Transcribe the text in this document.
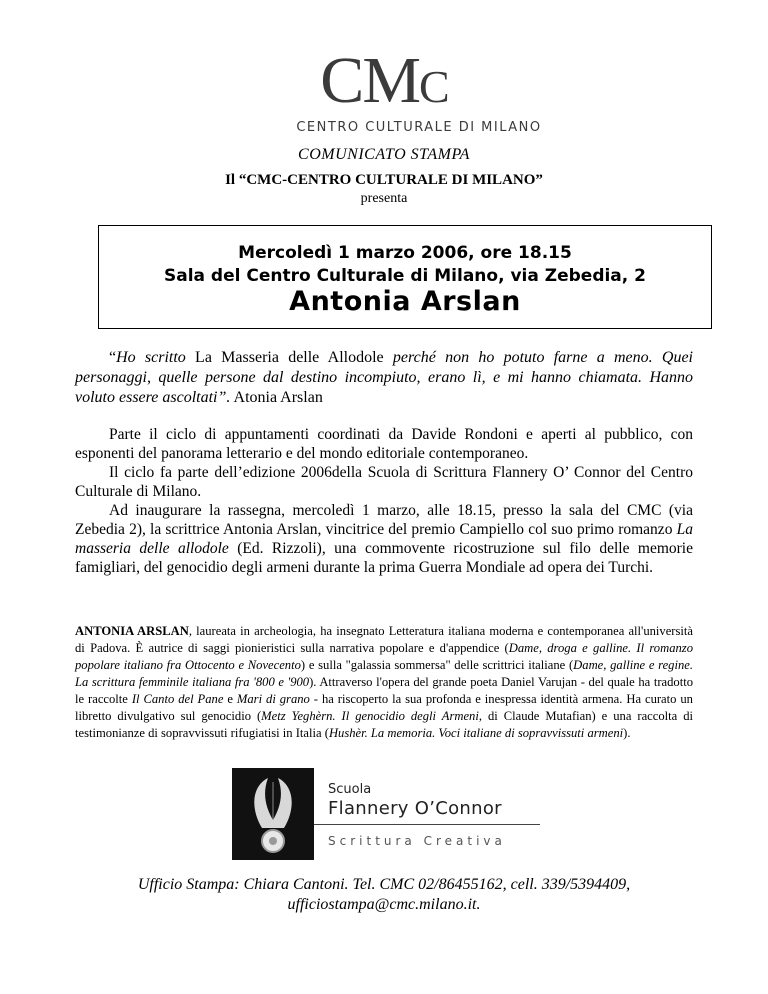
CMC
CENTRO CULTURALE DI MILANO
COMUNICATO STAMPA
Il “CMC-CENTRO CULTURALE DI MILANO”
presenta
Mercoledì 1 marzo 2006, ore 18.15
Sala del Centro Culturale di Milano, via Zebedia, 2
Antonia Arslan
“Ho scritto La Masseria delle Allodole perché non ho potuto farne a meno. Quei personaggi, quelle persone dal destino incompiuto, erano lì, e mi hanno chiamata. Hanno voluto essere ascoltati”. Atonia Arslan

Parte il ciclo di appuntamenti coordinati da Davide Rondoni e aperti al pubblico, con esponenti del panorama letterario e del mondo editoriale contemporaneo.

Il ciclo fa parte dell’edizione 2006della Scuola di Scrittura Flannery O’ Connor del Centro Culturale di Milano.

Ad inaugurare la rassegna, mercoledì 1 marzo, alle 18.15, presso la sala del CMC (via Zebedia 2), la scrittrice Antonia Arslan, vincitrice del premio Campiello col suo primo romanzo La masseria delle allodole (Ed. Rizzoli), una commovente ricostruzione sul filo delle memorie famigliari, del genocidio degli armeni durante la prima Guerra Mondiale ad opera dei Turchi.

ANTONIA ARSLAN, laureata in archeologia, ha insegnato Letteratura italiana moderna e contemporanea all'università di Padova. È autrice di saggi pionieristici sulla narrativa popolare e d'appendice (Dame, droga e galline. Il romanzo popolare italiano fra Ottocento e Novecento) e sulla "galassia sommersa" delle scrittrici italiane (Dame, galline e regine. La scrittura femminile italiana fra '800 e '900). Attraverso l'opera del grande poeta Daniel Varujan - del quale ha tradotto le raccolte Il Canto del Pane e Mari di grano - ha riscoperto la sua profonda e inespressa identità armena. Ha curato un libretto divulgativo sul genocidio (Metz Yeghèrn. Il genocidio degli Armeni, di Claude Mutafian) e una raccolta di testimonianze di sopravvissuti rifugiatisi in Italia (Hushèr. La memoria. Voci italiane di sopravvissuti armeni).
Scuola
Flannery O’Connor
Scrittura Creativa
Ufficio Stampa: Chiara Cantoni. Tel. CMC 02/86455162, cell. 339/5394409,
ufficiostampa@cmc.milano.it.
